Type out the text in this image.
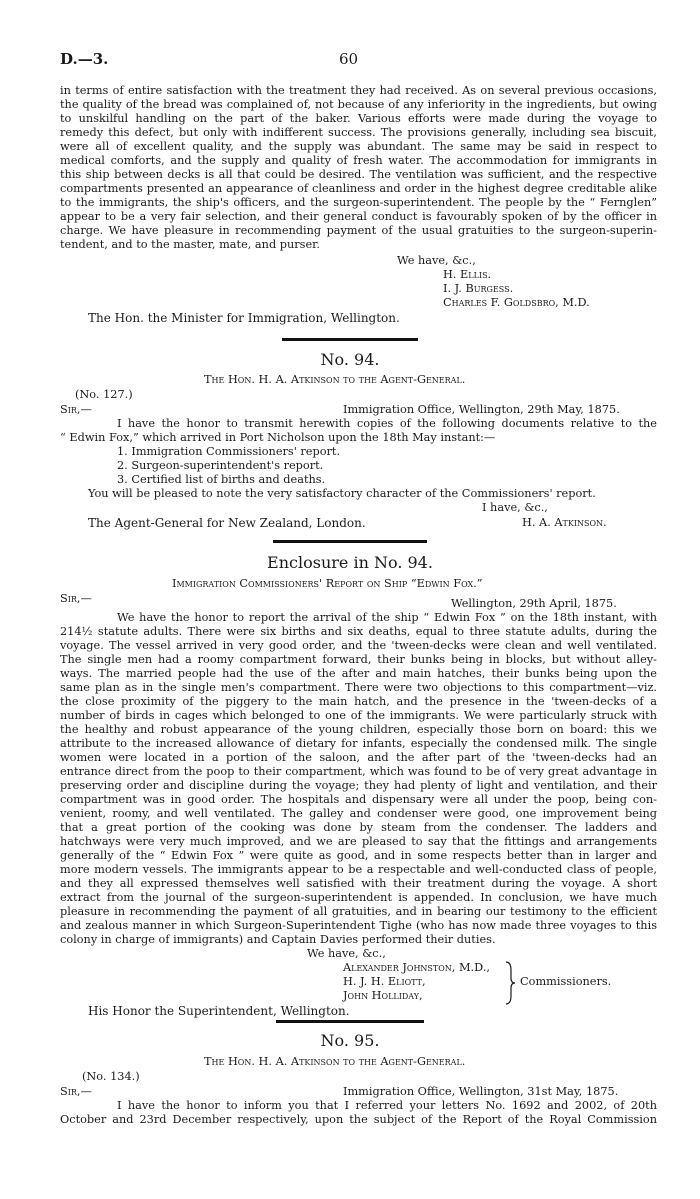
D.—3.	60
in terms of entire satisfaction with the treatment they had received. As on several previous occasions,
the quality of the bread was complained of, not because of any inferiority in the ingredients, but owing
to unskilful handling on the part of the baker. Various efforts were made during the voyage to
remedy this defect, but only with indifferent success. The provisions generally, including sea biscuit,
were all of excellent quality, and the supply was abundant. The same may be said in respect to
medical comforts, and the supply and quality of fresh water. The accommodation for immigrants in
this ship between decks is all that could be desired. The ventilation was sufficient, and the respective
compartments presented an appearance of cleanliness and order in the highest degree creditable alike
to the immigrants, the ship's officers, and the surgeon-superintendent. The people by the “ Fernglen”
appear to be a very fair selection, and their general conduct is favourably spoken of by the officer in
charge. We have pleasure in recommending payment of the usual gratuities to the surgeon-superin-
tendent, and to the master, mate, and purser.
We have, &c.,
H. Ellis.
I. J. Burgess.
Charles F. Goldsbro, M.D.
The Hon. the Minister for Immigration, Wellington.
No. 94.
The Hon. H. A. Atkinson to the Agent-General.
(No. 127.)
Sir,—	Immigration Office, Wellington, 29th May, 1875.
I have the honor to transmit herewith copies of the following documents relative to the
“ Edwin Fox,” which arrived in Port Nicholson upon the 18th May instant:—
1. Immigration Commissioners' report.
2. Surgeon-superintendent's report.
3. Certified list of births and deaths.
You will be pleased to note the very satisfactory character of the Commissioners' report.
I have, &c.,
The Agent-General for New Zealand, London.	H. A. Atkinson.
Enclosure in No. 94.
Immigration Commissioners' Report on Ship “Edwin Fox.”
Sir,—	Wellington, 29th April, 1875.
We have the honor to report the arrival of the ship “ Edwin Fox ” on the 18th instant, with
214½ statute adults. There were six births and six deaths, equal to three statute adults, during the
voyage. The vessel arrived in very good order, and the 'tween-decks were clean and well ventilated.
The single men had a roomy compartment forward, their bunks being in blocks, but without alley-
ways. The married people had the use of the after and main hatches, their bunks being upon the
same plan as in the single men's compartment. There were two objections to this compartment—viz.
the close proximity of the piggery to the main hatch, and the presence in the 'tween-decks of a
number of birds in cages which belonged to one of the immigrants. We were particularly struck with
the healthy and robust appearance of the young children, especially those born on board: this we
attribute to the increased allowance of dietary for infants, especially the condensed milk. The single
women were located in a portion of the saloon, and the after part of the 'tween-decks had an
entrance direct from the poop to their compartment, which was found to be of very great advantage in
preserving order and discipline during the voyage; they had plenty of light and ventilation, and their
compartment was in good order. The hospitals and dispensary were all under the poop, being con-
venient, roomy, and well ventilated. The galley and condenser were good, one improvement being
that a great portion of the cooking was done by steam from the condenser. The ladders and
hatchways were very much improved, and we are pleased to say that the fittings and arrangements
generally of the “ Edwin Fox ” were quite as good, and in some respects better than in larger and
more modern vessels. The immigrants appear to be a respectable and well-conducted class of people,
and they all expressed themselves well satisfied with their treatment during the voyage. A short
extract from the journal of the surgeon-superintendent is appended. In conclusion, we have much
pleasure in recommending the payment of all gratuities, and in bearing our testimony to the efficient
and zealous manner in which Surgeon-Superintendent Tighe (who has now made three voyages to this
colony in charge of immigrants) and Captain Davies performed their duties.
We have, &c.,
Alexander Johnston, M.D.,
H. J. H. Eliott,
John Holliday,
Commissioners.
His Honor the Superintendent, Wellington.
No. 95.
The Hon. H. A. Atkinson to the Agent-General.
(No. 134.)
Sir,—	Immigration Office, Wellington, 31st May, 1875.
I have the honor to inform you that I referred your letters No. 1692 and 2002, of 20th
October and 23rd December respectively, upon the subject of the Report of the Royal Commission
